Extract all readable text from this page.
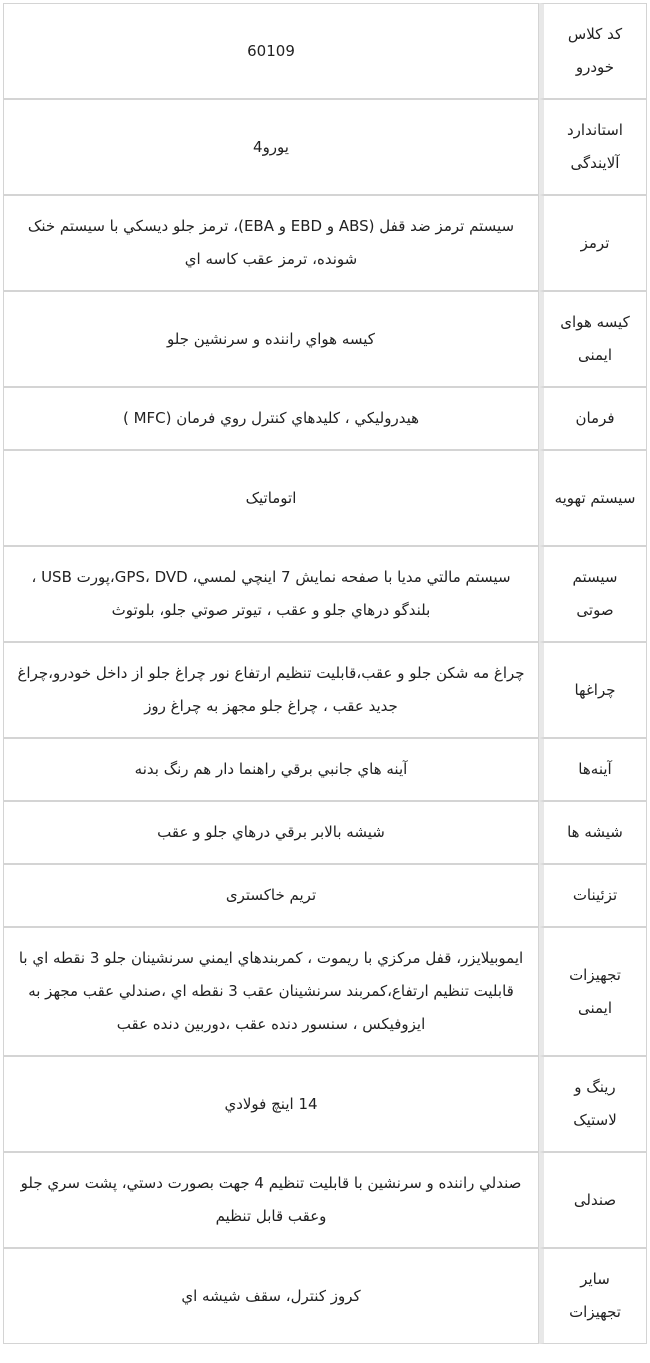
کد کلاس خودرو	60109
استاندارد آلایندگی	یورو4
ترمز	سیستم ترمز ضد قفل (ABS و EBD و EBA)، ترمز جلو دیسکي با سیستم خنک شونده، ترمز عقب کاسه اي
کیسه هوای ایمنی	کیسه هواي راننده و سرنشین جلو
فرمان	هیدرولیکي ، کلیدهاي کنترل روي فرمان (MFC )
سیستم تهویه	اتوماتیک
سیستم صوتی	سیستم مالتي مديا با صفحه نمايش 7 اينچي لمسي، GPS، DVD،پورت USB ، بلندگو درهاي جلو و عقب ، تیوتر صوتي جلو، بلوتوث
چراغها	چراغ مه شکن جلو و عقب،قابلیت تنظیم ارتفاع نور چراغ جلو از داخل خودرو،چراغ جدید عقب ، چراغ جلو مجهز به چراغ روز
آینه‌ها	آينه هاي جانبي برقي راهنما دار هم رنگ بدنه
شیشه ها	شیشه بالابر برقي درهاي جلو و عقب
تزئینات	تریم خاکستری
تجهیزات ایمنی	ايموبيلايزر، قفل مرکزي با ريموت ، کمربندهاي ايمني سرنشينان جلو 3 نقطه اي با قابليت تنظيم ارتفاع،کمربند سرنشينان عقب 3 نقطه اي ،صندلي عقب مجهز به ايزوفيکس ، سنسور دنده عقب ،دوربین دنده عقب
رینگ و لاستیک	14 اينچ فولادي
صندلی	صندلي راننده و سرنشين با قابليت تنظيم 4 جهت بصورت دستي، پشت سري جلو وعقب قابل تنظيم
سایر تجهیزات	کروز کنترل، سقف شيشه اي
